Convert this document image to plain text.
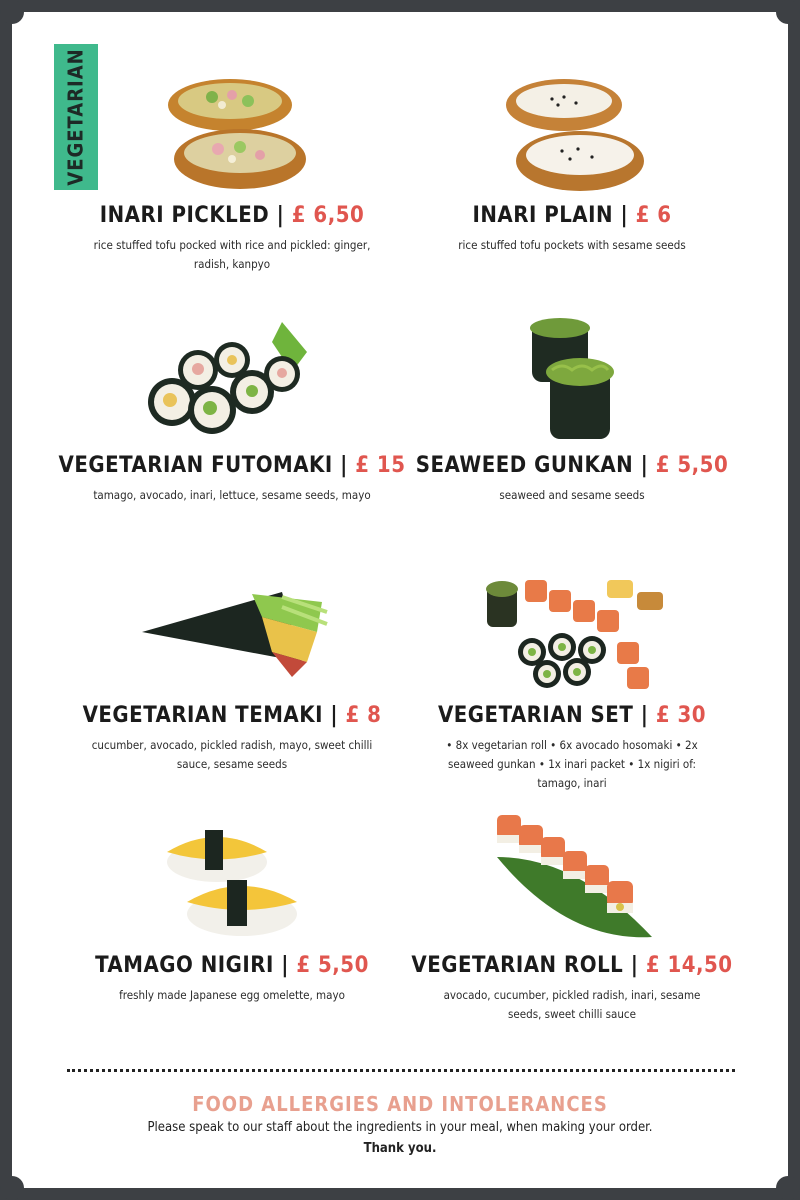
VEGETARIAN
INARI PICKLED | £ 6,50
rice stuffed tofu pocked with rice and pickled: ginger, radish, kanpyo
INARI PLAIN | £ 6
rice stuffed tofu pockets with sesame seeds
VEGETARIAN FUTOMAKI | £ 15
tamago, avocado, inari, lettuce, sesame seeds, mayo
SEAWEED GUNKAN | £ 5,50
seaweed and sesame seeds
VEGETARIAN TEMAKI | £ 8
cucumber, avocado, pickled radish, mayo, sweet chilli sauce, sesame seeds
VEGETARIAN SET | £ 30
• 8x vegetarian roll • 6x avocado hosomaki • 2x seaweed gunkan • 1x inari packet • 1x nigiri of: tamago, inari
TAMAGO NIGIRI | £ 5,50
freshly made Japanese egg omelette, mayo
VEGETARIAN ROLL | £ 14,50
avocado, cucumber, pickled radish, inari, sesame seeds, sweet chilli sauce
FOOD ALLERGIES AND INTOLERANCES

Please speak to our staff about the ingredients in your meal, when making your order.

Thank you.
